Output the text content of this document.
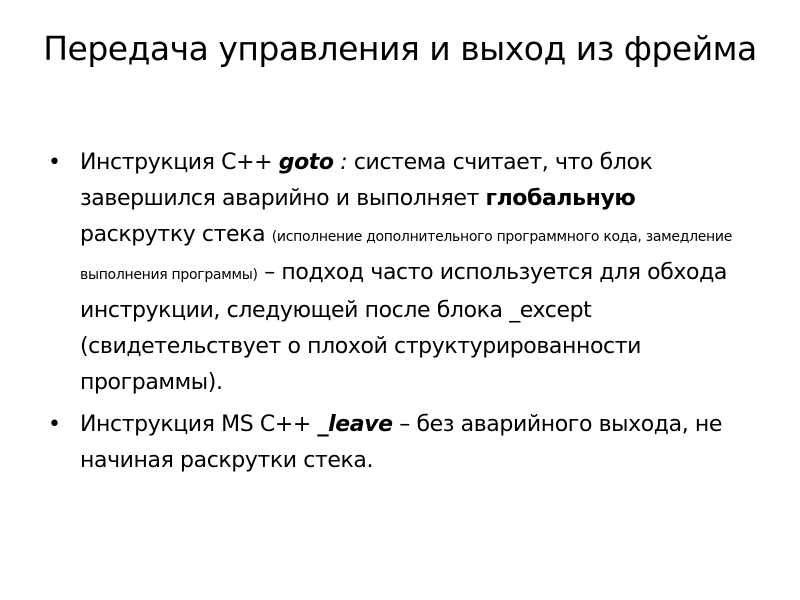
Передача управления и выход из фрейма
• Инструкция С++ goto : система считает, что блок завершился аварийно и выполняет глобальную раскрутку стека (исполнение дополнительного программного кода, замедление выполнения программы) – подход часто используется для обхода инструкции, следующей после блока _except (свидетельствует о плохой структурированности программы).
• Инструкция MS C++ _leave – без аварийного выхода, не начиная раскрутки стека.
